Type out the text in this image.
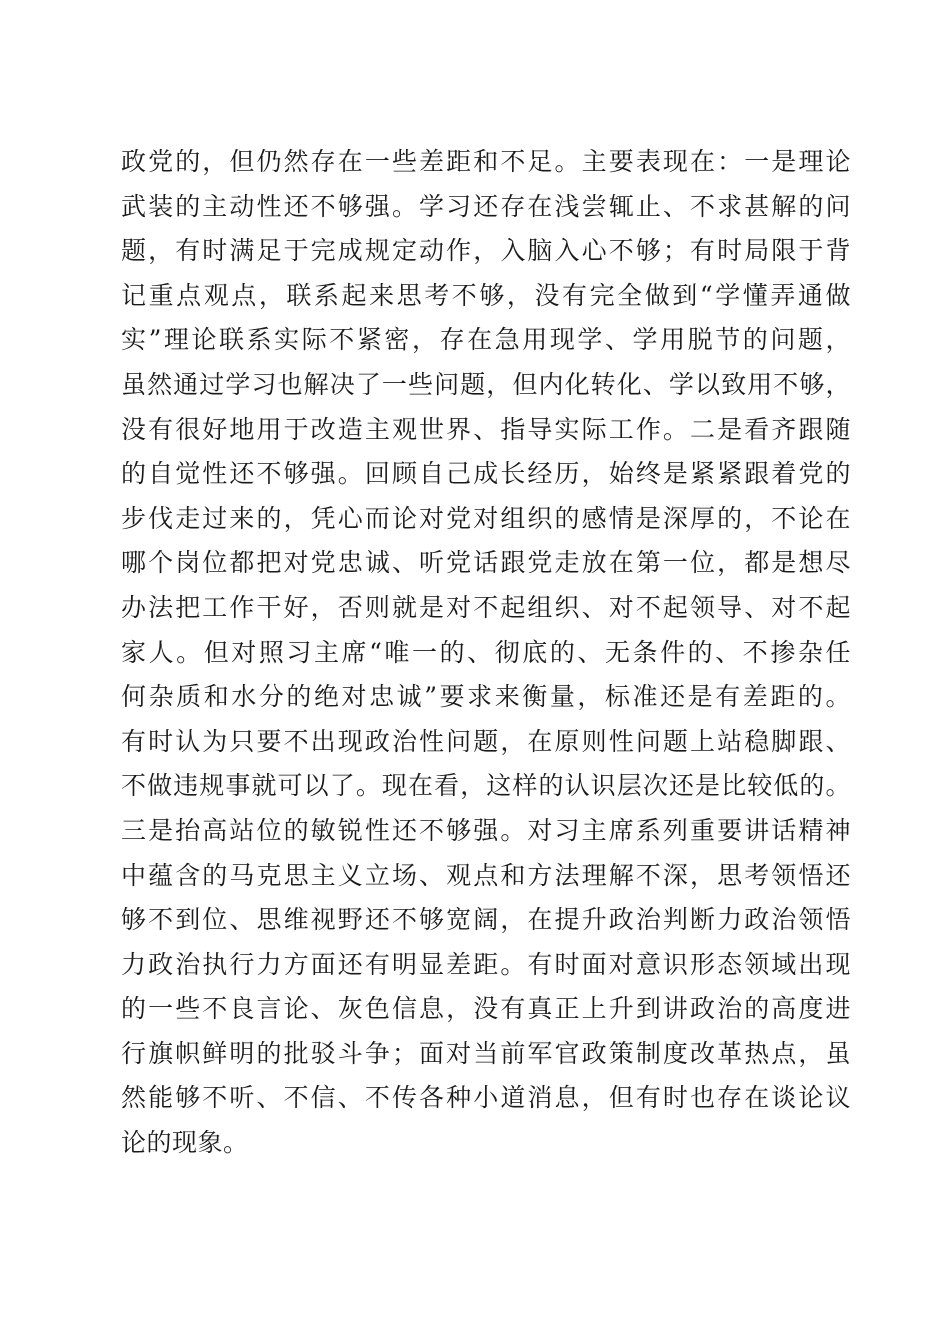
政党的，但仍然存在一些差距和不足。主要表现在：一是理论
武装的主动性还不够强。学习还存在浅尝辄止、不求甚解的问
题，有时满足于完成规定动作，入脑入心不够；有时局限于背
记重点观点，联系起来思考不够，没有完全做到“学懂弄通做
实”理论联系实际不紧密，存在急用现学、学用脱节的问题，
虽然通过学习也解决了一些问题，但内化转化、学以致用不够，
没有很好地用于改造主观世界、指导实际工作。二是看齐跟随
的自觉性还不够强。回顾自己成长经历，始终是紧紧跟着党的
步伐走过来的，凭心而论对党对组织的感情是深厚的，不论在
哪个岗位都把对党忠诚、听党话跟党走放在第一位，都是想尽
办法把工作干好，否则就是对不起组织、对不起领导、对不起
家人。但对照习主席“唯一的、彻底的、无条件的、不掺杂任
何杂质和水分的绝对忠诚”要求来衡量，标准还是有差距的。
有时认为只要不出现政治性问题，在原则性问题上站稳脚跟、
不做违规事就可以了。现在看，这样的认识层次还是比较低的。
三是抬高站位的敏锐性还不够强。对习主席系列重要讲话精神
中蕴含的马克思主义立场、观点和方法理解不深，思考领悟还
够不到位、思维视野还不够宽阔，在提升政治判断力政治领悟
力政治执行力方面还有明显差距。有时面对意识形态领域出现
的一些不良言论、灰色信息，没有真正上升到讲政治的高度进
行旗帜鲜明的批驳斗争；面对当前军官政策制度改革热点，虽
然能够不听、不信、不传各种小道消息，但有时也存在谈论议
论的现象。
